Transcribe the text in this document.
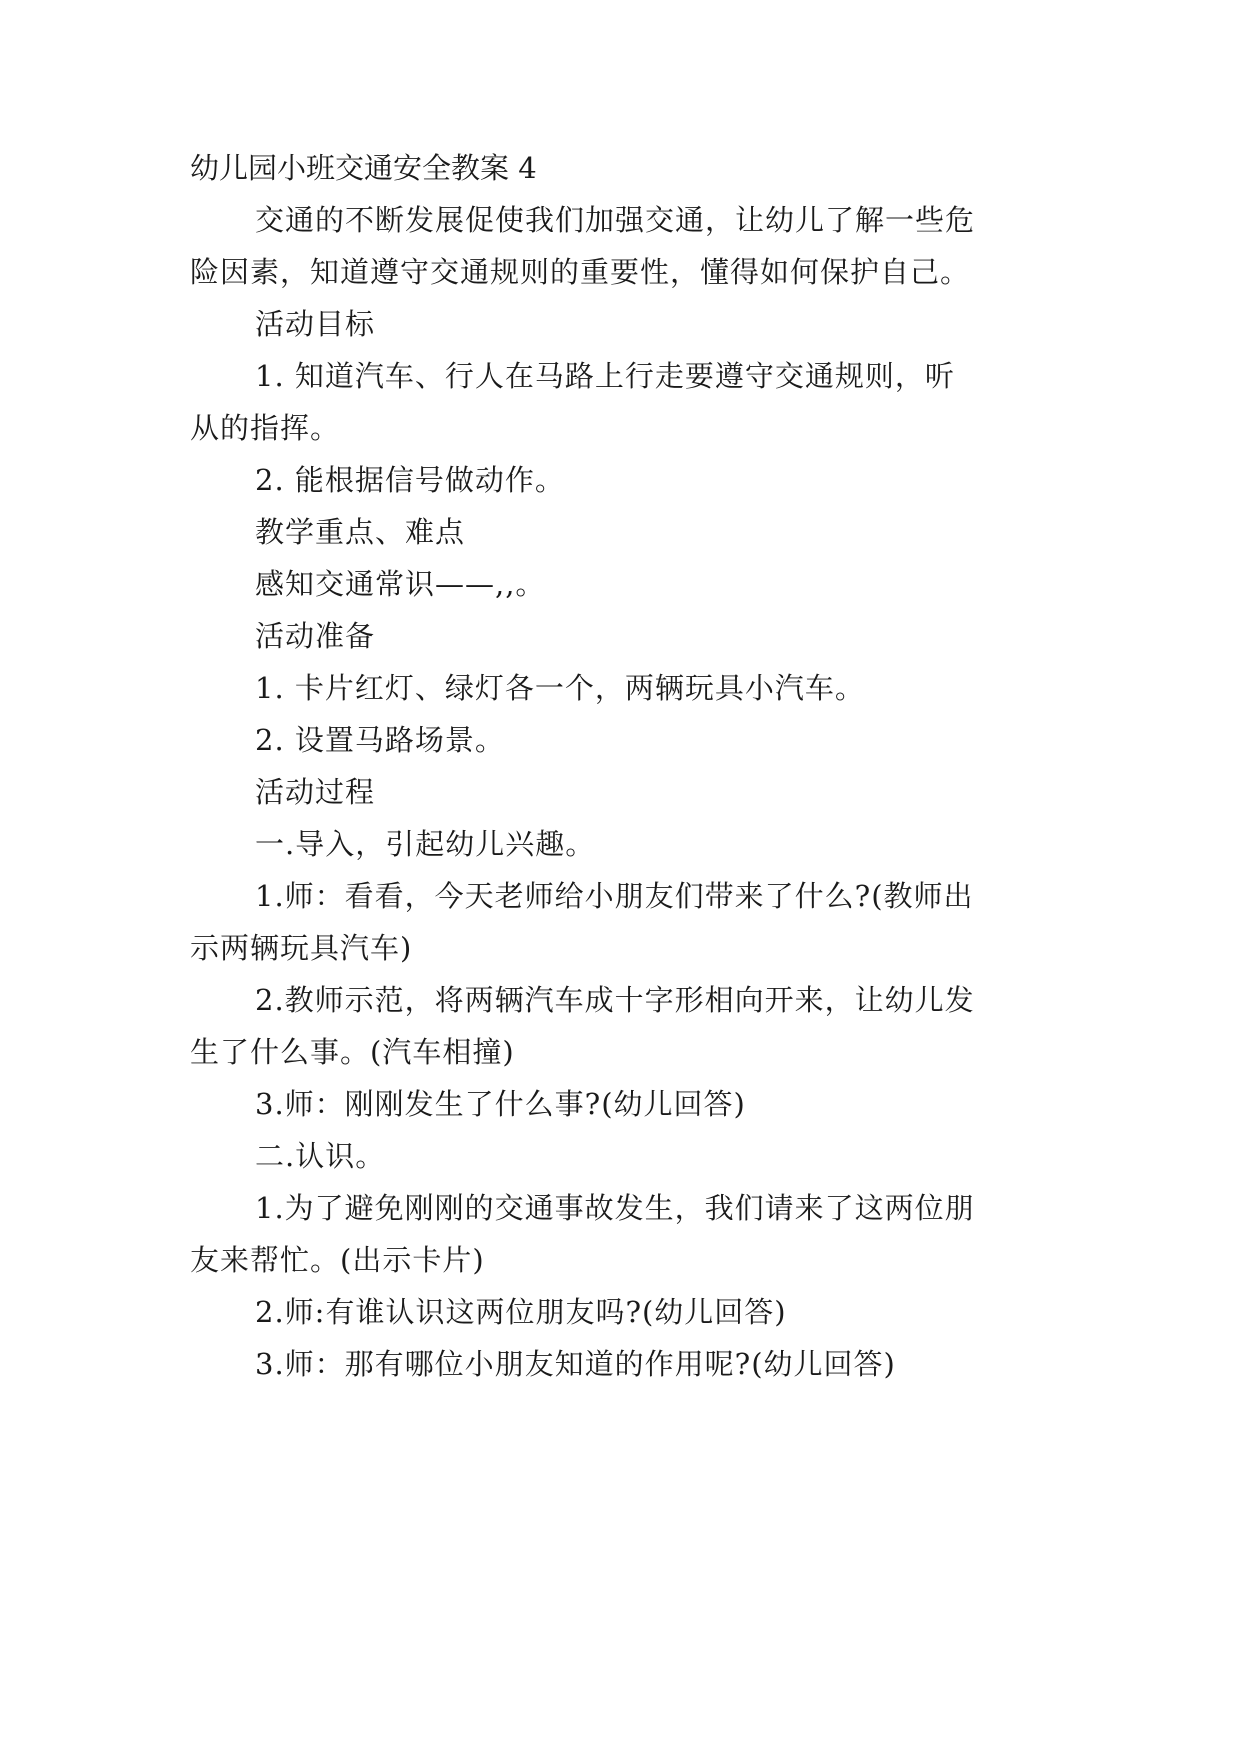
幼儿园小班交通安全教案 4
交通的不断发展促使我们加强交通，让幼儿了解一些危
险因素，知道遵守交通规则的重要性，懂得如何保护自己。
活动目标
1. 知道汽车、行人在马路上行走要遵守交通规则，听
从的指挥。
2. 能根据信号做动作。
教学重点、难点
感知交通常识——,,。
活动准备
1. 卡片红灯、绿灯各一个，两辆玩具小汽车。
2. 设置马路场景。
活动过程
一.导入，引起幼儿兴趣。
1.师：看看，今天老师给小朋友们带来了什么?(教师出
示两辆玩具汽车)
2.教师示范，将两辆汽车成十字形相向开来，让幼儿发
生了什么事。(汽车相撞)
3.师：刚刚发生了什么事?(幼儿回答)
二.认识。
1.为了避免刚刚的交通事故发生，我们请来了这两位朋
友来帮忙。(出示卡片)
2.师:有谁认识这两位朋友吗?(幼儿回答)
3.师：那有哪位小朋友知道的作用呢?(幼儿回答)
